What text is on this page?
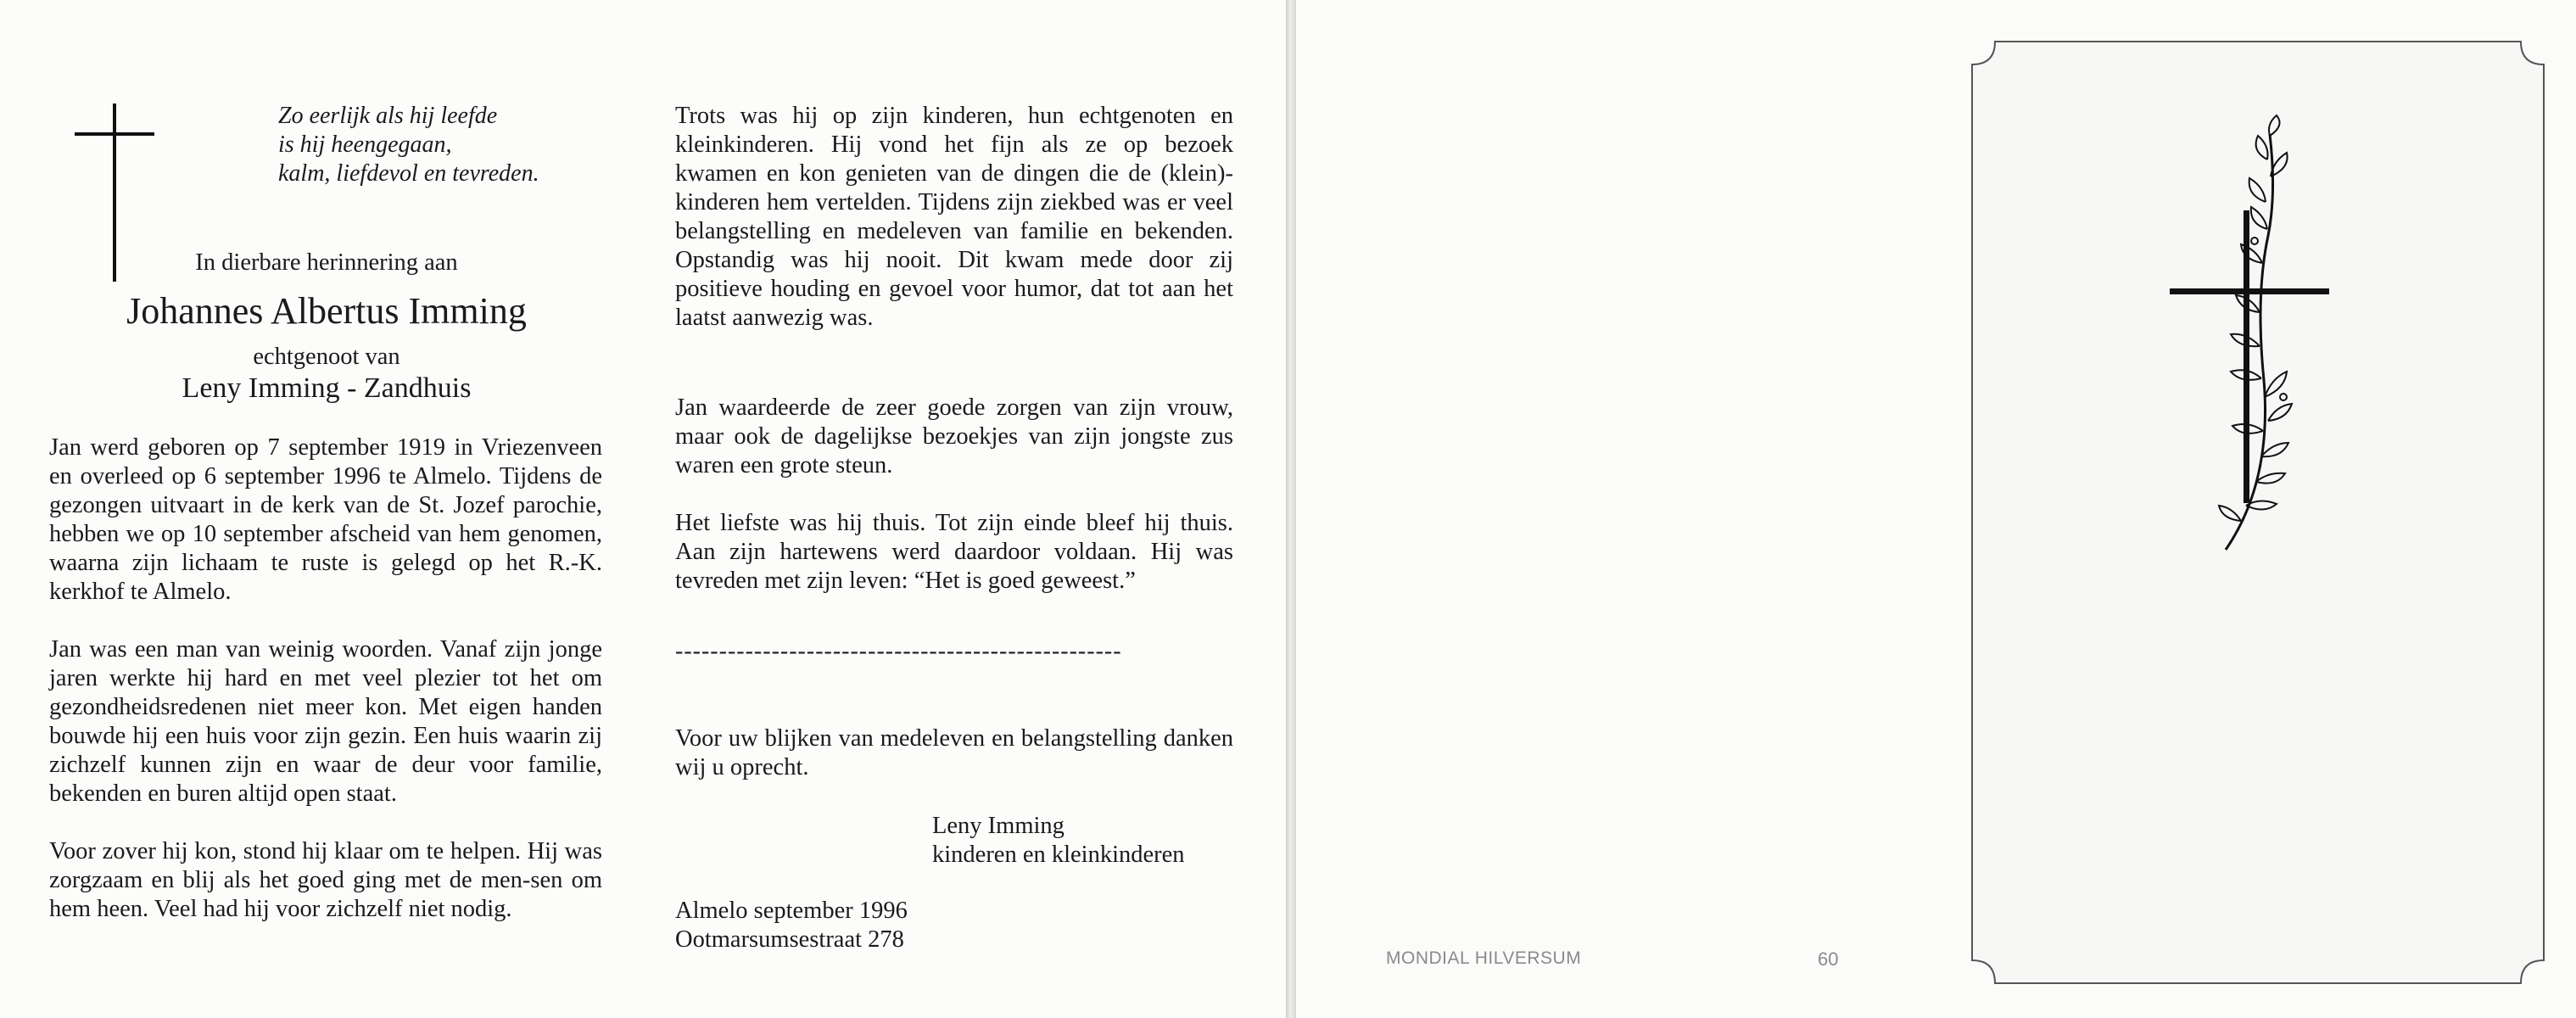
Zo eerlijk als hij leefde
is hij heengegaan,
kalm, liefdevol en tevreden.
In dierbare herinnering aan
Johannes Albertus Imming
echtgenoot van
Leny Imming - Zandhuis
Jan werd geboren op 7 september 1919 in Vriezenveen en overleed op 6 september 1996 te Almelo. Tijdens de gezongen uitvaart in de kerk van de St. Jozef parochie, hebben we op 10 september afscheid van hem genomen, waarna zijn lichaam te ruste is gelegd op het R.-K. kerkhof te Almelo.
Jan was een man van weinig woorden. Vanaf zijn jonge jaren werkte hij hard en met veel plezier tot het om gezondheidsredenen niet meer kon. Met eigen handen bouwde hij een huis voor zijn gezin. Een huis waarin zij zichzelf kunnen zijn en waar de deur voor familie, bekenden en buren altijd open staat.
Voor zover hij kon, stond hij klaar om te helpen. Hij was zorgzaam en blij als het goed ging met de men-sen om hem heen. Veel had hij voor zichzelf niet nodig.
Trots was hij op zijn kinderen, hun echtgenoten en kleinkinderen. Hij vond het fijn als ze op bezoek kwamen en kon genieten van de dingen die de (klein)-kinderen hem vertelden. Tijdens zijn ziekbed was er veel belangstelling en medeleven van familie en bekenden. Opstandig was hij nooit. Dit kwam mede door zij positieve houding en gevoel voor humor, dat tot aan het laatst aanwezig was.
Jan waardeerde de zeer goede zorgen van zijn vrouw, maar ook de dagelijkse bezoekjes van zijn jongste zus waren een grote steun.
Het liefste was hij thuis. Tot zijn einde bleef hij thuis. Aan zijn hartewens werd daardoor voldaan. Hij was tevreden met zijn leven: “Het is goed geweest.”
---------------------------------------------------
Voor uw blijken van medeleven en belangstelling danken wij u oprecht.
Leny Imming
kinderen en kleinkinderen
Almelo september 1996
Ootmarsumsestraat 278
MONDIAL HILVERSUM	60
